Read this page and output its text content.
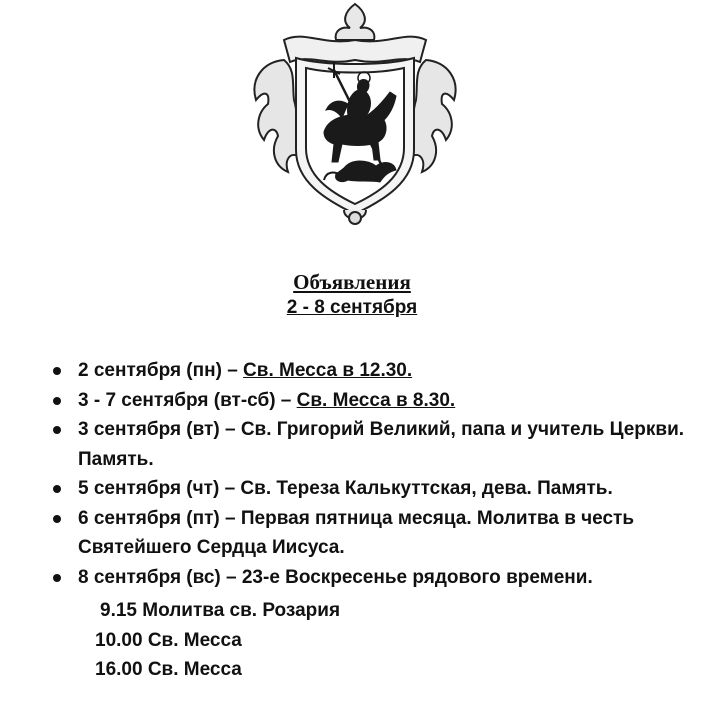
Объявления
2 - 8 сентября
2 сентября (пн) – Св. Месса в 12.30.
3 - 7 сентября (вт-сб) – Св. Месса в 8.30.
3 сентября (вт) – Св. Григорий Великий, папа и учитель Церкви. Память.
5 сентября (чт) – Св. Тереза Калькуттская, дева. Память.
6 сентября (пт) – Первая пятница месяца. Молитва в честь Святейшего Сердца Иисуса.
8 сентября (вс) – 23-е Воскресенье рядового времени.
9.15 Молитва св. Розария
10.00 Св. Месса
16.00 Св. Месса
